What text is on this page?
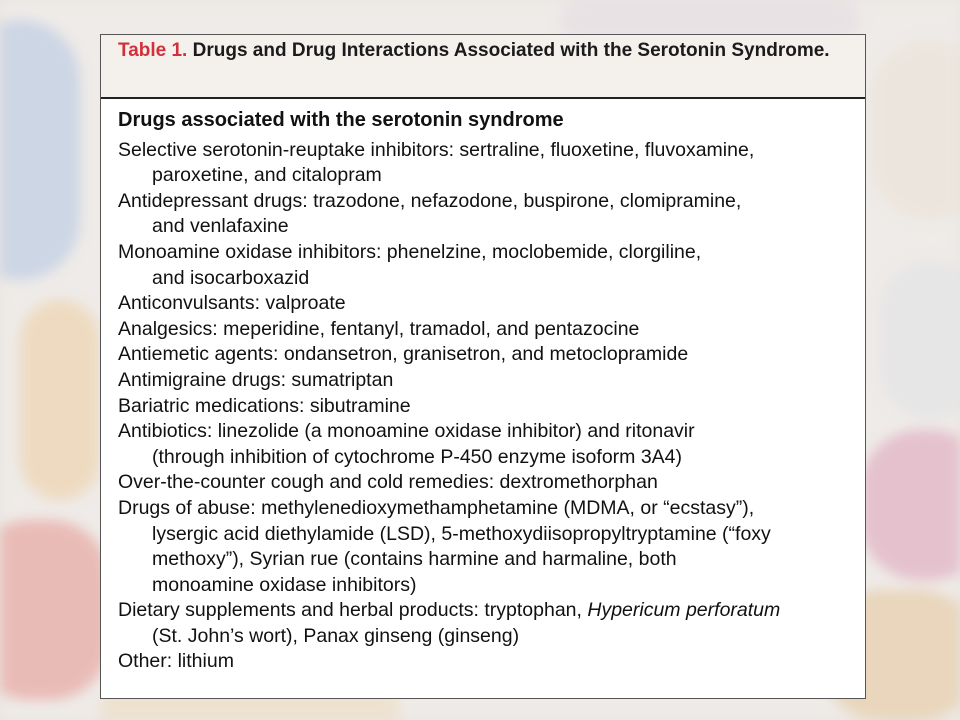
Table 1. Drugs and Drug Interactions Associated with the Serotonin Syndrome.
Drugs associated with the serotonin syndrome
Selective serotonin-reuptake inhibitors: sertraline, fluoxetine, fluvoxamine,
paroxetine, and citalopram
Antidepressant drugs: trazodone, nefazodone, buspirone, clomipramine,
and venlafaxine
Monoamine oxidase inhibitors: phenelzine, moclobemide, clorgiline,
and isocarboxazid
Anticonvulsants: valproate
Analgesics: meperidine, fentanyl, tramadol, and pentazocine
Antiemetic agents: ondansetron, granisetron, and metoclopramide
Antimigraine drugs: sumatriptan
Bariatric medications: sibutramine
Antibiotics: linezolide (a monoamine oxidase inhibitor) and ritonavir
(through inhibition of cytochrome P-450 enzyme isoform 3A4)
Over-the-counter cough and cold remedies: dextromethorphan
Drugs of abuse: methylenedioxymethamphetamine (MDMA, or “ecstasy”),
lysergic acid diethylamide (LSD), 5-methoxydiisopropyltryptamine (“foxy
methoxy”), Syrian rue (contains harmine and harmaline, both
monoamine oxidase inhibitors)
Dietary supplements and herbal products: tryptophan, Hypericum perforatum
(St. John’s wort), Panax ginseng (ginseng)
Other: lithium
